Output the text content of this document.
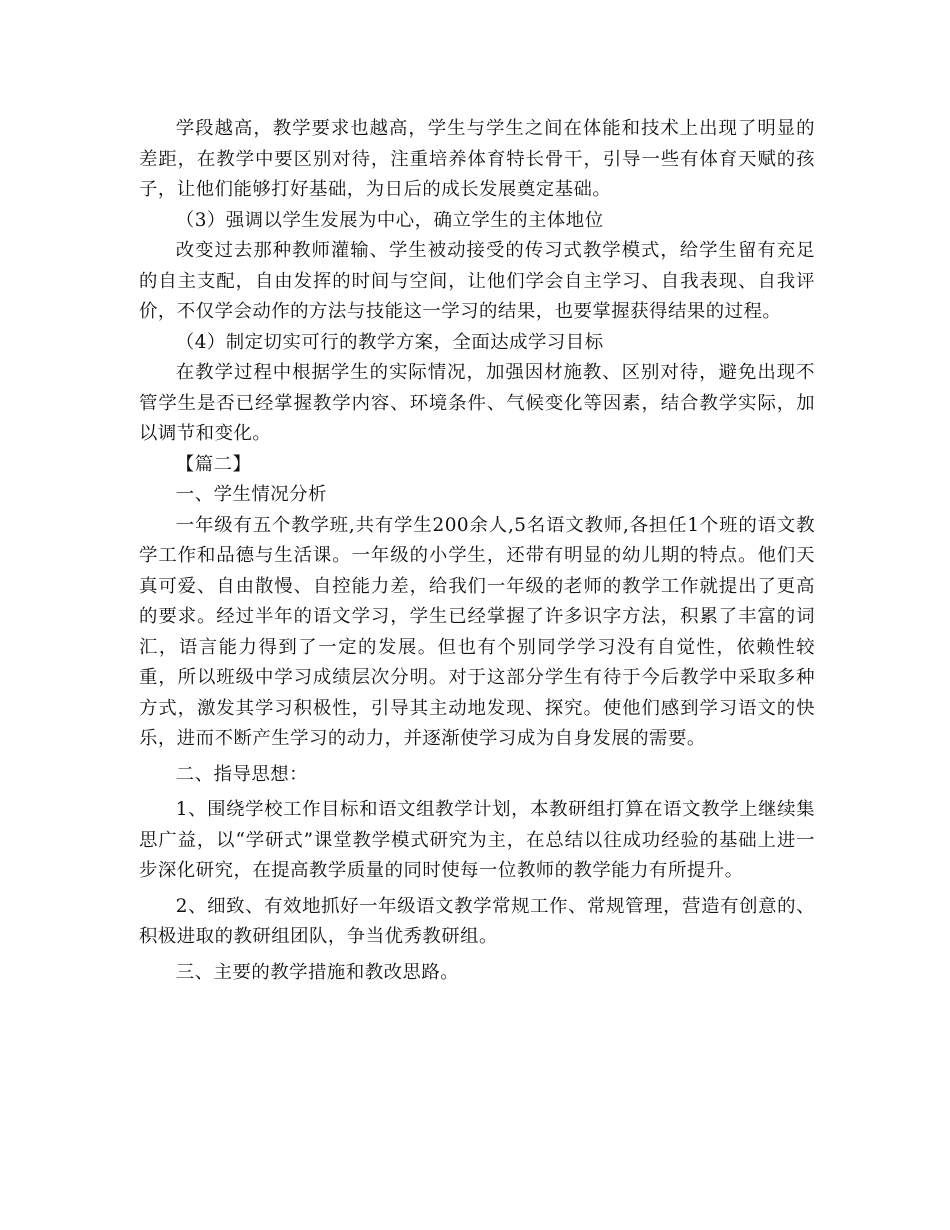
学段越高，教学要求也越高，学生与学生之间在体能和技术上出现了明显的差距，在教学中要区别对待，注重培养体育特长骨干，引导一些有体育天赋的孩子，让他们能够打好基础，为日后的成长发展奠定基础。

（3）强调以学生发展为中心，确立学生的主体地位

改变过去那种教师灌输、学生被动接受的传习式教学模式，给学生留有充足的自主支配，自由发挥的时间与空间，让他们学会自主学习、自我表现、自我评价，不仅学会动作的方法与技能这一学习的结果，也要掌握获得结果的过程。

（4）制定切实可行的教学方案，全面达成学习目标

在教学过程中根据学生的实际情况，加强因材施教、区别对待，避免出现不管学生是否已经掌握教学内容、环境条件、气候变化等因素，结合教学实际，加以调节和变化。

【篇二】

一、学生情况分析

一年级有五个教学班,共有学生200余人,5名语文教师,各担任1个班的语文教学工作和品德与生活课。一年级的小学生，还带有明显的幼儿期的特点。他们天真可爱、自由散慢、自控能力差，给我们一年级的老师的教学工作就提出了更高的要求。经过半年的语文学习，学生已经掌握了许多识字方法，积累了丰富的词汇，语言能力得到了一定的发展。但也有个别同学学习没有自觉性，依赖性较重，所以班级中学习成绩层次分明。对于这部分学生有待于今后教学中采取多种方式，激发其学习积极性，引导其主动地发现、探究。使他们感到学习语文的快乐，进而不断产生学习的动力，并逐渐使学习成为自身发展的需要。

二、指导思想：

1、围绕学校工作目标和语文组教学计划，本教研组打算在语文教学上继续集思广益，以“学研式”课堂教学模式研究为主，在总结以往成功经验的基础上进一步深化研究，在提高教学质量的同时使每一位教师的教学能力有所提升。

2、细致、有效地抓好一年级语文教学常规工作、常规管理，营造有创意的、积极进取的教研组团队，争当优秀教研组。

三、主要的教学措施和教改思路。
